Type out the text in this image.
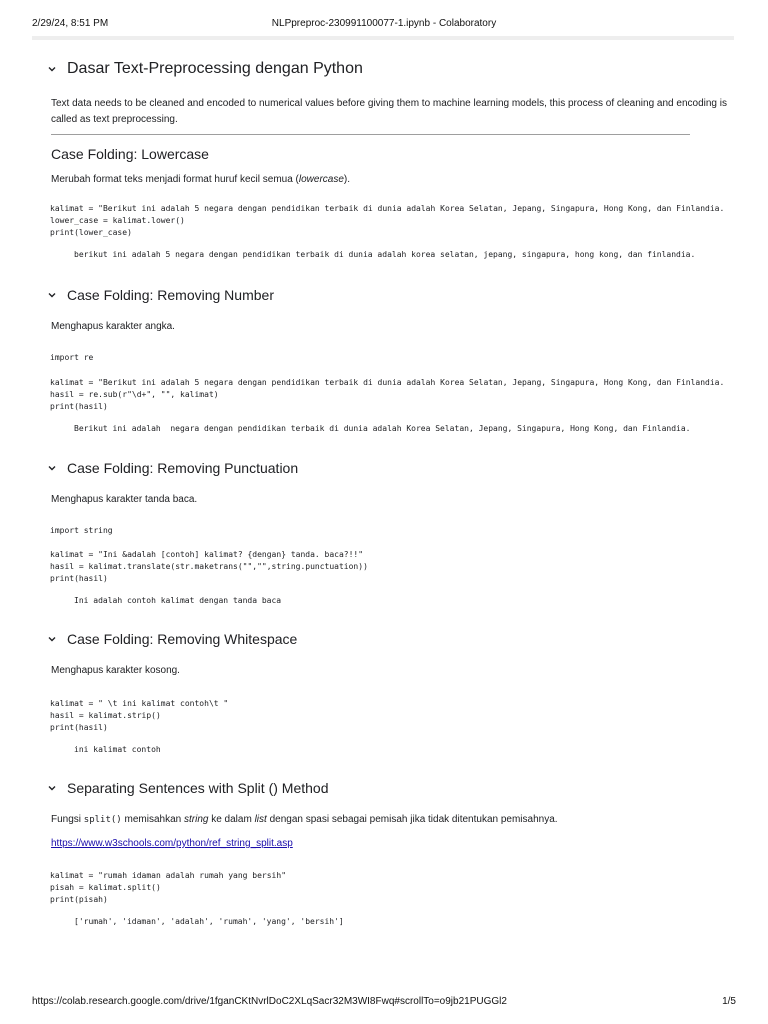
2/29/24, 8:51 PM	NLPpreproc-230991100077-1.ipynb - Colaboratory
Dasar Text-Preprocessing dengan Python
Text data needs to be cleaned and encoded to numerical values before giving them to machine learning models, this process of cleaning and encoding is called as text preprocessing.
Case Folding: Lowercase
Merubah format teks menjadi format huruf kecil semua (lowercase).
kalimat = "Berikut ini adalah 5 negara dengan pendidikan terbaik di dunia adalah Korea Selatan, Jepang, Singapura, Hong Kong, dan Finlandia.
lower_case = kalimat.lower()
print(lower_case)
berikut ini adalah 5 negara dengan pendidikan terbaik di dunia adalah korea selatan, jepang, singapura, hong kong, dan finlandia.
Case Folding: Removing Number
Menghapus karakter angka.
import re
kalimat = "Berikut ini adalah 5 negara dengan pendidikan terbaik di dunia adalah Korea Selatan, Jepang, Singapura, Hong Kong, dan Finlandia.
hasil = re.sub(r"\d+", "", kalimat)
print(hasil)
Berikut ini adalah  negara dengan pendidikan terbaik di dunia adalah Korea Selatan, Jepang, Singapura, Hong Kong, dan Finlandia.
Case Folding: Removing Punctuation
Menghapus karakter tanda baca.
import string
kalimat = "Ini &adalah [contoh] kalimat? {dengan} tanda. baca?!!"
hasil = kalimat.translate(str.maketrans("","",string.punctuation))
print(hasil)
Ini adalah contoh kalimat dengan tanda baca
Case Folding: Removing Whitespace
Menghapus karakter kosong.
kalimat = " \t ini kalimat contoh\t "
hasil = kalimat.strip()
print(hasil)
ini kalimat contoh
Separating Sentences with Split () Method
Fungsi split() memisahkan string ke dalam list dengan spasi sebagai pemisah jika tidak ditentukan pemisahnya.
https://www.w3schools.com/python/ref_string_split.asp
kalimat = "rumah idaman adalah rumah yang bersih"
pisah = kalimat.split()
print(pisah)
['rumah', 'idaman', 'adalah', 'rumah', 'yang', 'bersih']
https://colab.research.google.com/drive/1fganCKtNvrlDoC2XLqSacr32M3WI8Fwq#scrollTo=o9jb21PUGGl2	1/5
